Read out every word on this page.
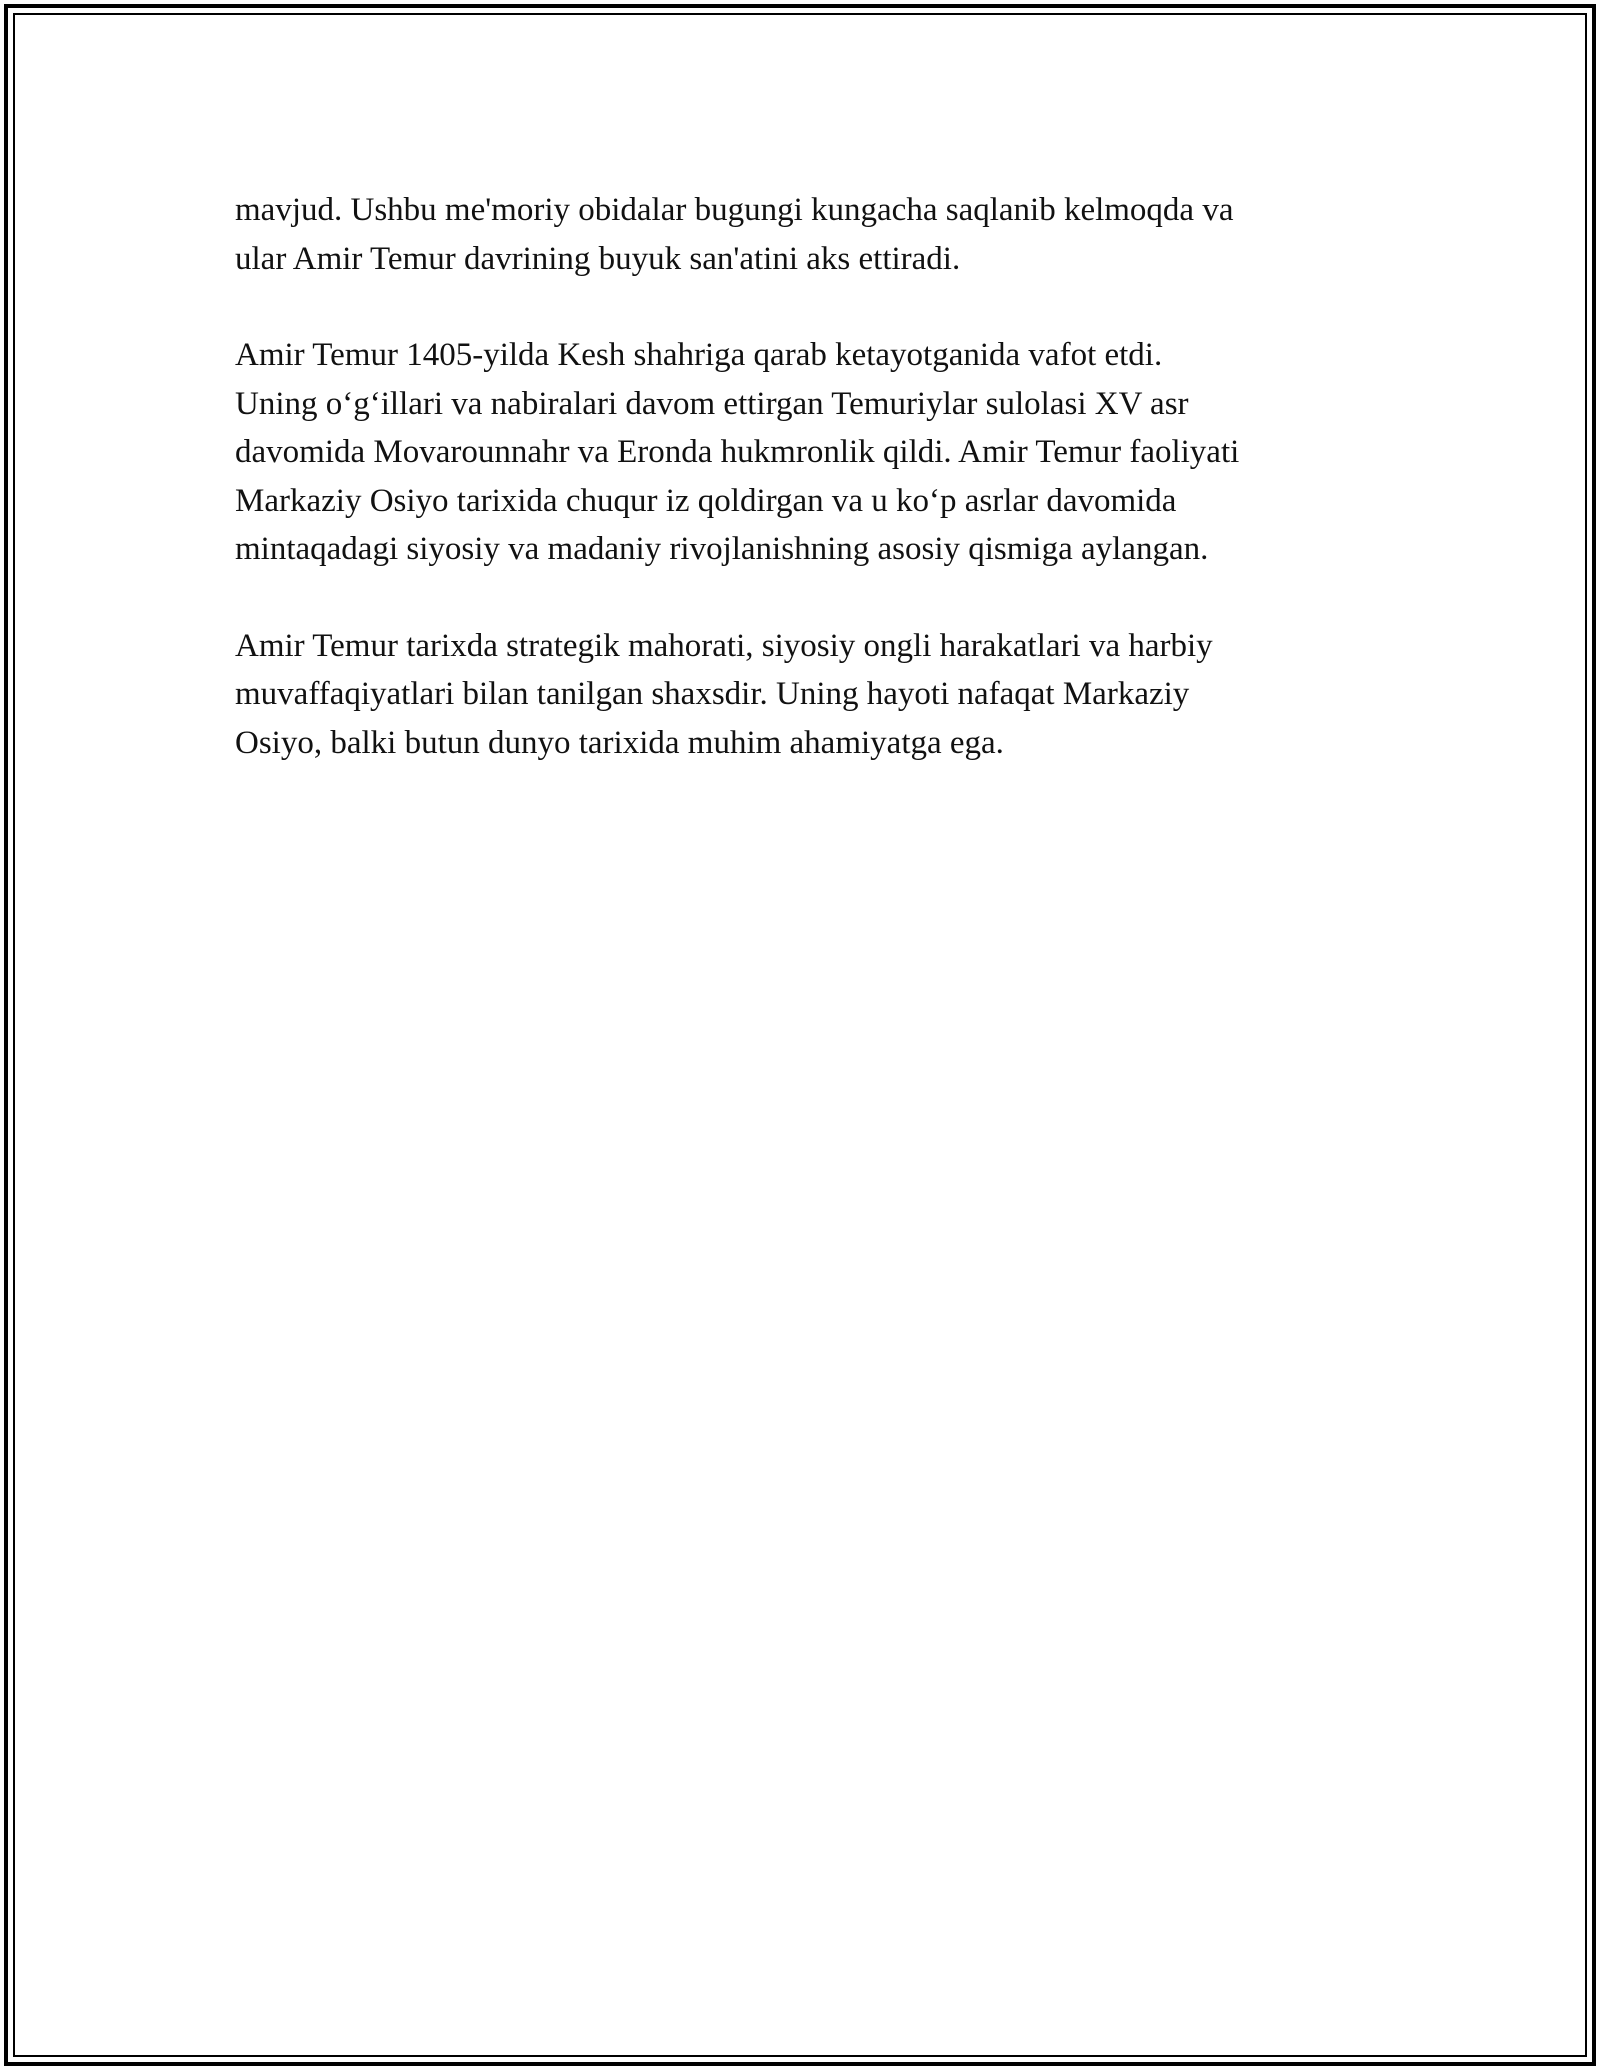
mavjud. Ushbu me'moriy obidalar bugungi kungacha saqlanib kelmoqda va
ular Amir Temur davrining buyuk san'atini aks ettiradi.

Amir Temur 1405-yilda Kesh shahriga qarab ketayotganida vafot etdi.
Uning o‘g‘illari va nabiralari davom ettirgan Temuriylar sulolasi XV asr
davomida Movarounnahr va Eronda hukmronlik qildi. Amir Temur faoliyati
Markaziy Osiyo tarixida chuqur iz qoldirgan va u ko‘p asrlar davomida
mintaqadagi siyosiy va madaniy rivojlanishning asosiy qismiga aylangan.

Amir Temur tarixda strategik mahorati, siyosiy ongli harakatlari va harbiy
muvaffaqiyatlari bilan tanilgan shaxsdir. Uning hayoti nafaqat Markaziy
Osiyo, balki butun dunyo tarixida muhim ahamiyatga ega.
